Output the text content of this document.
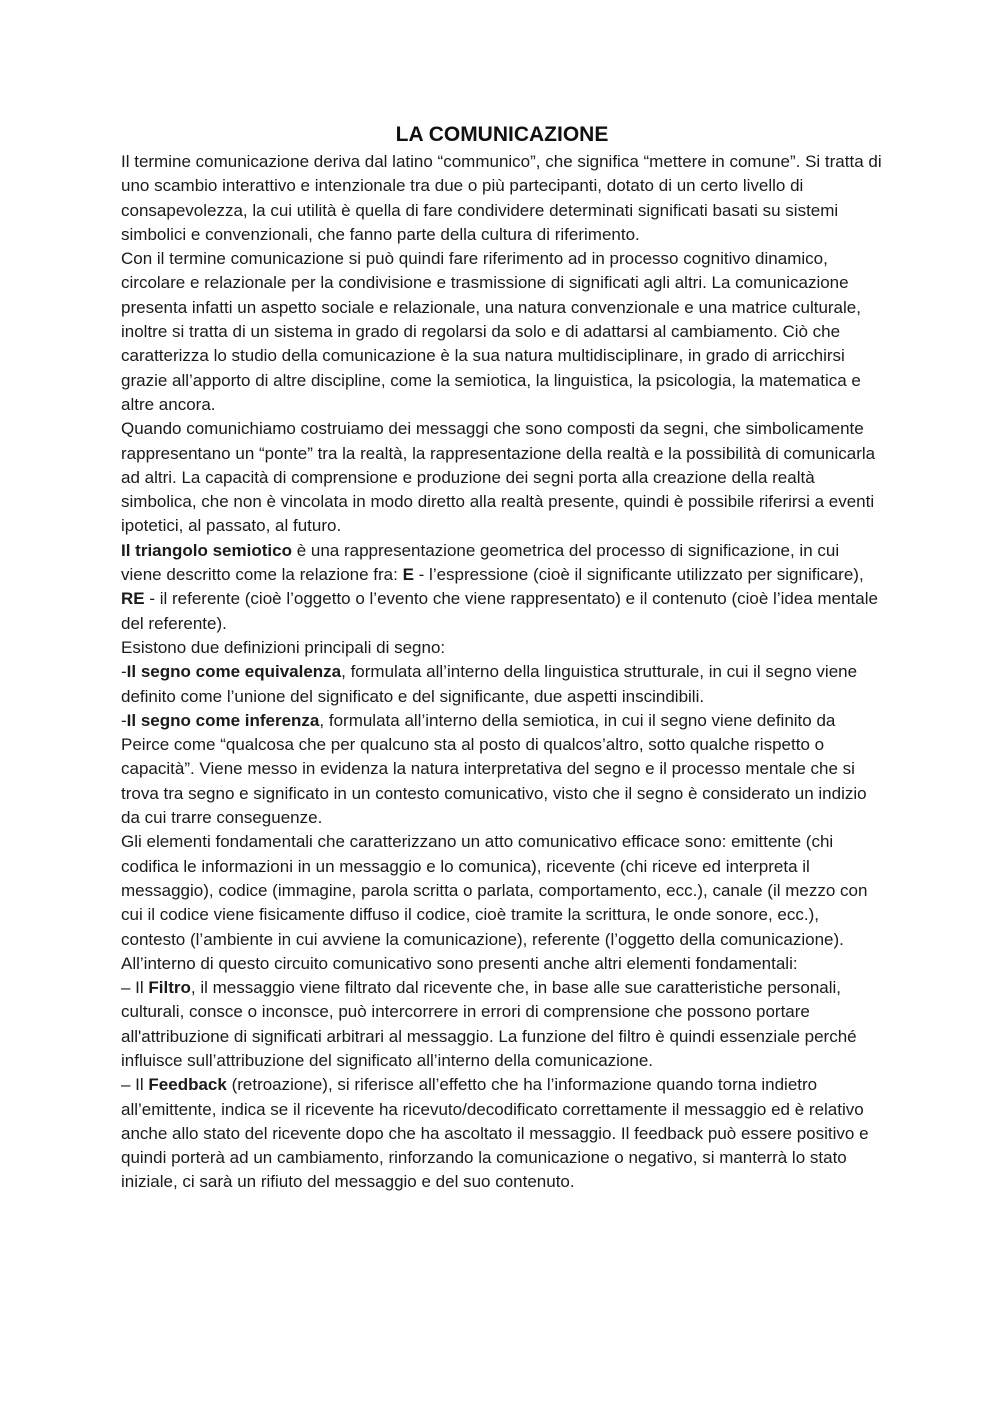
LA COMUNICAZIONE

Il termine comunicazione deriva dal latino “communico”, che significa “mettere in comune”. Si tratta di uno scambio interattivo e intenzionale tra due o più partecipanti, dotato di un certo livello di consapevolezza, la cui utilità è quella di fare condividere determinati significati basati su sistemi simbolici e convenzionali, che fanno parte della cultura di riferimento.

Con il termine comunicazione si può quindi fare riferimento ad in processo cognitivo dinamico, circolare e relazionale per la condivisione e trasmissione di significati agli altri. La comunicazione presenta infatti un aspetto sociale e relazionale, una natura convenzionale e una matrice culturale, inoltre si tratta di un sistema in grado di regolarsi da solo e di adattarsi al cambiamento. Ciò che caratterizza lo studio della comunicazione è la sua natura multidisciplinare, in grado di arricchirsi grazie all’apporto di altre discipline, come la semiotica, la linguistica, la psicologia, la matematica e altre ancora.

Quando comunichiamo costruiamo dei messaggi che sono composti da segni, che simbolicamente rappresentano un “ponte” tra la realtà, la rappresentazione della realtà e la possibilità di comunicarla ad altri. La capacità di comprensione e produzione dei segni porta alla creazione della realtà simbolica, che non è vincolata in modo diretto alla realtà presente, quindi è possibile riferirsi a eventi ipotetici, al passato, al futuro.

Il triangolo semiotico è una rappresentazione geometrica del processo di significazione, in cui viene descritto come la relazione fra: E - l’espressione (cioè il significante utilizzato per significare), RE - il referente (cioè l’oggetto o l’evento che viene rappresentato) e il contenuto (cioè l’idea mentale del referente).

Esistono due definizioni principali di segno:

-Il segno come equivalenza, formulata all’interno della linguistica strutturale, in cui il segno viene definito come l’unione del significato e del significante, due aspetti inscindibili.

-Il segno come inferenza, formulata all’interno della semiotica, in cui il segno viene definito da Peirce come “qualcosa che per qualcuno sta al posto di qualcos’altro, sotto qualche rispetto o capacità”. Viene messo in evidenza la natura interpretativa del segno e il processo mentale che si trova tra segno e significato in un contesto comunicativo, visto che il segno è considerato un indizio da cui trarre conseguenze.

Gli elementi fondamentali che caratterizzano un atto comunicativo efficace sono: emittente (chi codifica le informazioni in un messaggio e lo comunica), ricevente (chi riceve ed interpreta il messaggio), codice (immagine, parola scritta o parlata, comportamento, ecc.), canale (il mezzo con cui il codice viene fisicamente diffuso il codice, cioè tramite la scrittura, le onde sonore, ecc.), contesto (l’ambiente in cui avviene la comunicazione), referente (l’oggetto della comunicazione).

All’interno di questo circuito comunicativo sono presenti anche altri elementi fondamentali:

– Il Filtro, il messaggio viene filtrato dal ricevente che, in base alle sue caratteristiche personali, culturali, consce o inconsce, può intercorrere in errori di comprensione che possono portare all'attribuzione di significati arbitrari al messaggio. La funzione del filtro è quindi essenziale perché influisce sull’attribuzione del significato all’interno della comunicazione.

– Il Feedback (retroazione), si riferisce all’effetto che ha l’informazione quando torna indietro all’emittente, indica se il ricevente ha ricevuto/decodificato correttamente il messaggio ed è relativo anche allo stato del ricevente dopo che ha ascoltato il messaggio. Il feedback può essere positivo e quindi porterà ad un cambiamento, rinforzando la comunicazione o negativo, si manterrà lo stato iniziale, ci sarà un rifiuto del messaggio e del suo contenuto.
